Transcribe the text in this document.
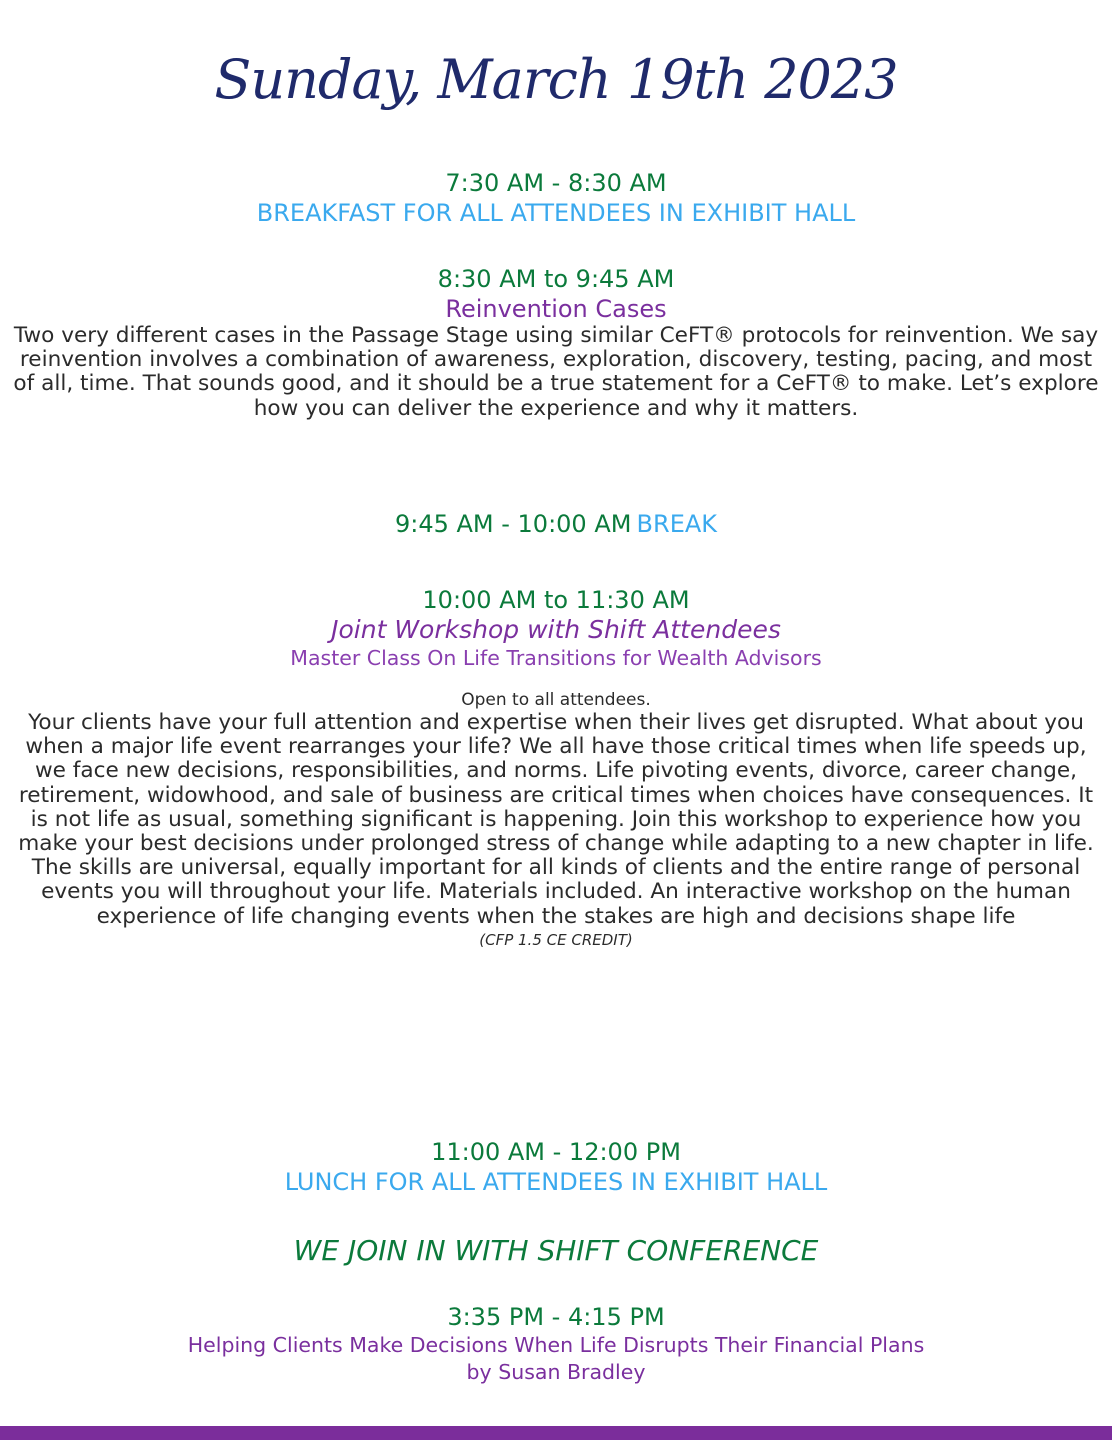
Sunday, March 19th 2023
7:30 AM - 8:30 AM
BREAKFAST FOR ALL ATTENDEES IN EXHIBIT HALL
8:30 AM to 9:45 AM
Reinvention Cases
Two very different cases in the Passage Stage using similar CeFT® protocols for reinvention. We say reinvention involves a combination of awareness, exploration, discovery, testing, pacing, and most of all, time. That sounds good, and it should be a true statement for a CeFT® to make. Let’s explore how you can deliver the experience and why it matters.
9:45 AM - 10:00 AM BREAK
10:00 AM to 11:30 AM
Joint Workshop with Shift Attendees
Master Class On Life Transitions for Wealth Advisors
Open to all attendees.
Your clients have your full attention and expertise when their lives get disrupted. What about you when a major life event rearranges your life? We all have those critical times when life speeds up, we face new decisions, responsibilities, and norms. Life pivoting events, divorce, career change, retirement, widowhood, and sale of business are critical times when choices have consequences. It is not life as usual, something significant is happening. Join this workshop to experience how you make your best decisions under prolonged stress of change while adapting to a new chapter in life. The skills are universal, equally important for all kinds of clients and the entire range of personal events you will throughout your life. Materials included. An interactive workshop on the human experience of life changing events when the stakes are high and decisions shape life
(CFP 1.5 CE CREDIT)
11:00 AM - 12:00 PM
LUNCH FOR ALL ATTENDEES IN EXHIBIT HALL
WE JOIN IN WITH SHIFT CONFERENCE
3:35 PM - 4:15 PM
Helping Clients Make Decisions When Life Disrupts Their Financial Plans
by Susan Bradley
